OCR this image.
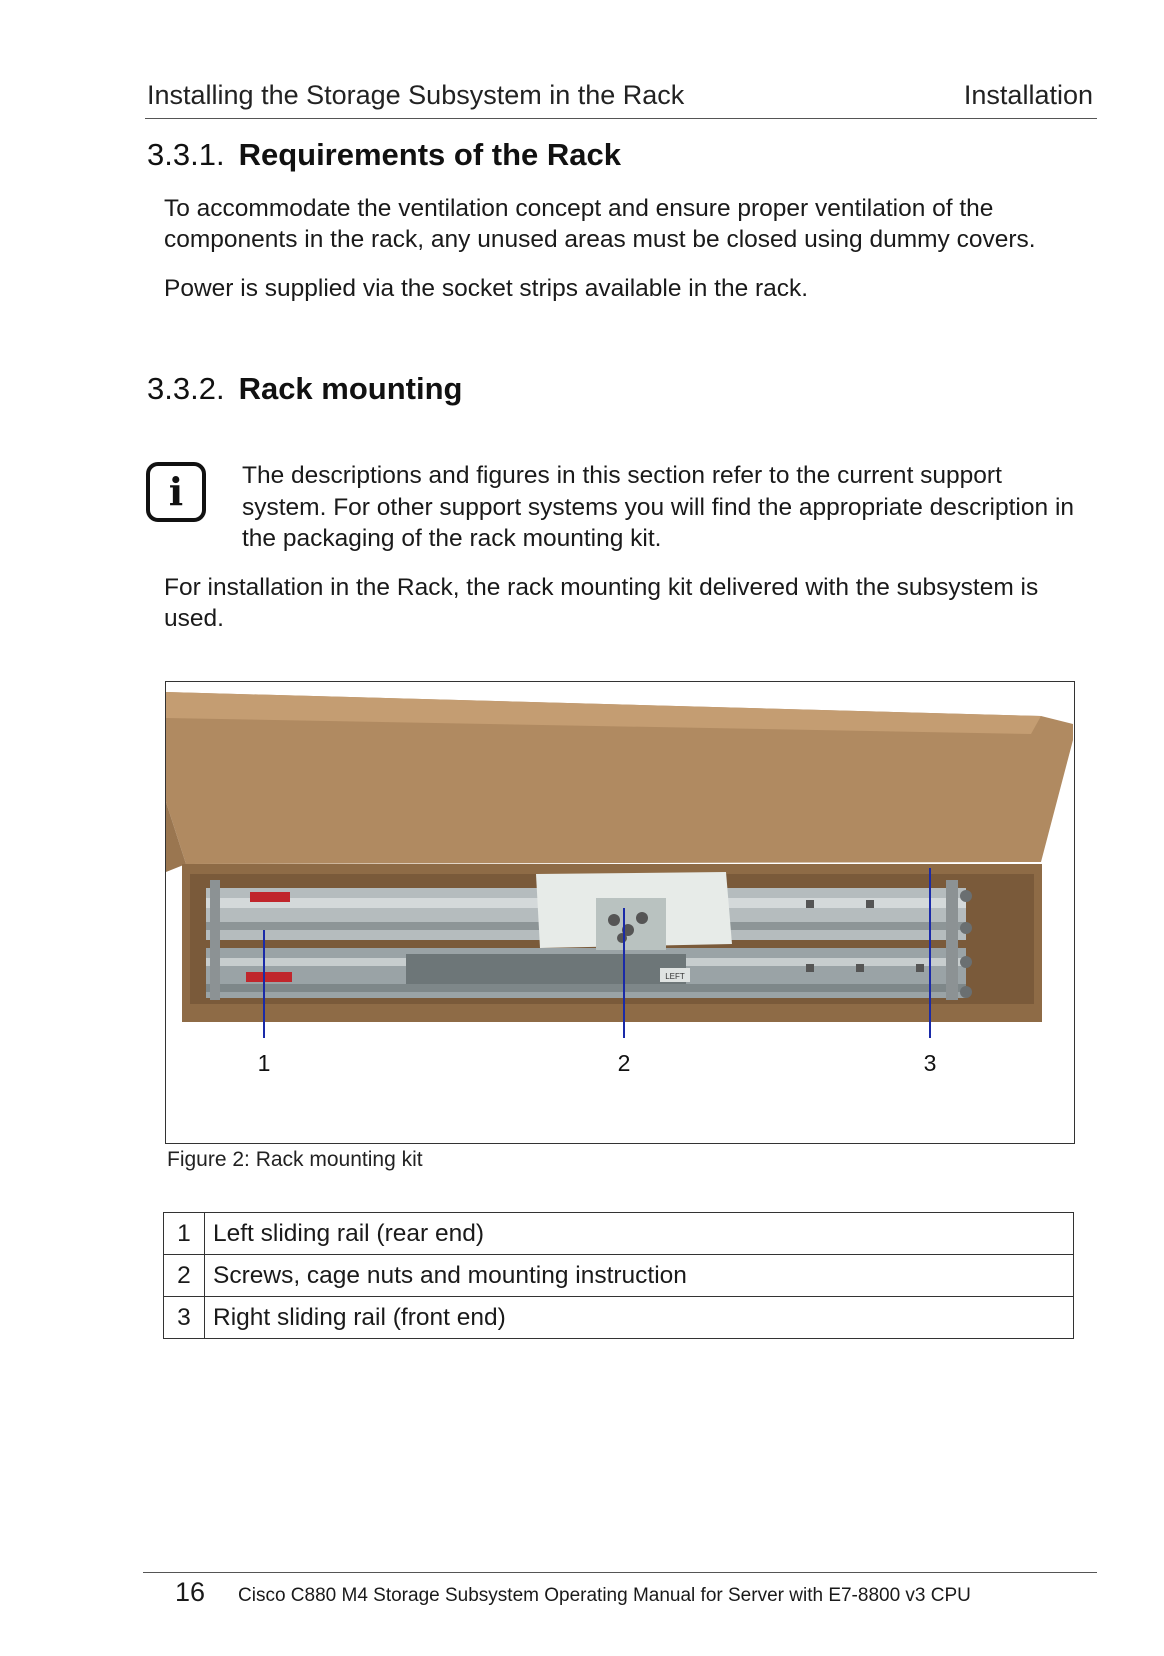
Installing the Storage Subsystem in the Rack	Installation
3.3.1. Requirements of the Rack
To accommodate the ventilation concept and ensure proper ventilation of the components in the rack, any unused areas must be closed using dummy covers.
Power is supplied via the socket strips available in the rack.
3.3.2. Rack mounting
i	The descriptions and figures in this section refer to the current support system. For other support systems you will find the appropriate description in the packaging of the rack mounting kit.
For installation in the Rack, the rack mounting kit delivered with the subsystem is used.
LEFT
1	2	3
Figure 2: Rack mounting kit
1	Left sliding rail (rear end)
2	Screws, cage nuts and mounting instruction
3	Right sliding rail (front end)
16 Cisco C880 M4 Storage Subsystem Operating Manual for Server with E7-8800 v3 CPU
